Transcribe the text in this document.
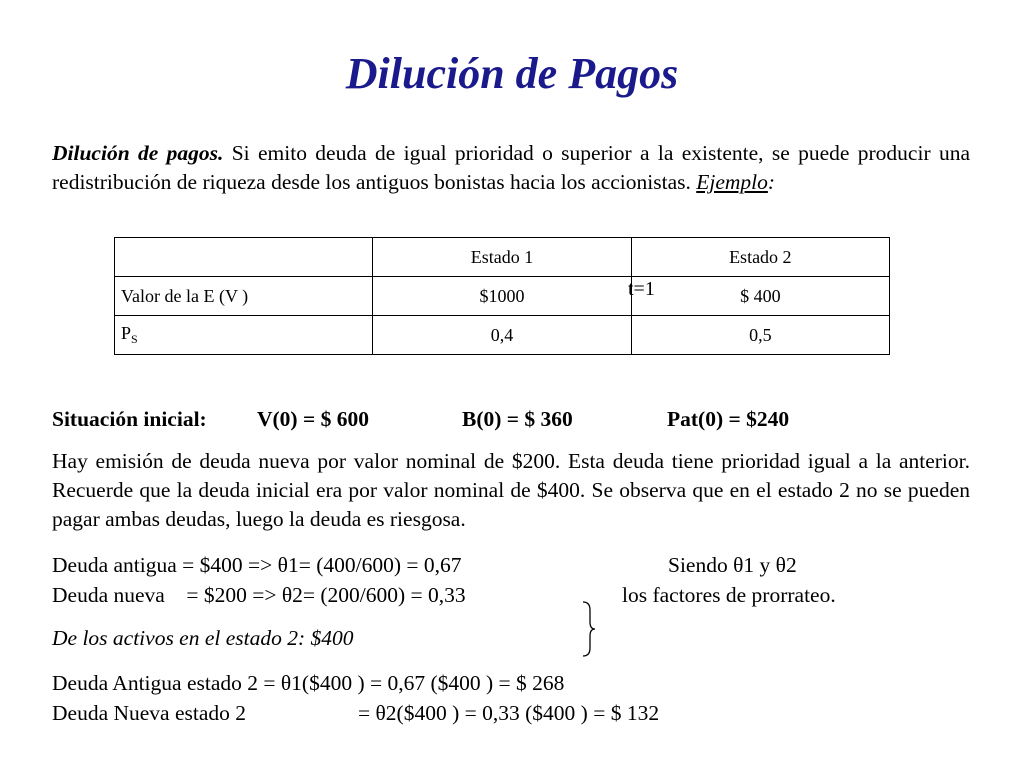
Dilución de Pagos
Dilución de pagos. Si emito deuda de igual prioridad o superior a la existente, se puede producir una redistribución de riqueza desde los antiguos bonistas hacia los accionistas. Ejemplo:
	Estado 1	Estado 2
Valor de la E (V )	$1000	$ 400
$P_S$	0,4	0,5
t=1
Situación inicial: V(0) = $ 600	B(0) = $ 360	Pat(0) = $240
Hay emisión de deuda nueva por valor nominal de $200. Esta deuda tiene prioridad igual a la anterior. Recuerde que la deuda inicial era por valor nominal de $400. Se observa que en el estado 2 no se pueden pagar ambas deudas, luego la deuda es riesgosa.
Deuda antigua = $400 => θ1= (400/600) = 0,67
Deuda nueva    = $200 => θ2= (200/600) = 0,33
Siendo θ1 y θ2
los factores de prorrateo.
De los activos en el estado 2: $400
Deuda Antigua estado 2 = θ1($400 ) = 0,67 ($400 ) = $ 268
Deuda Nueva estado 2	= θ2($400 ) = 0,33 ($400 ) = $ 132
